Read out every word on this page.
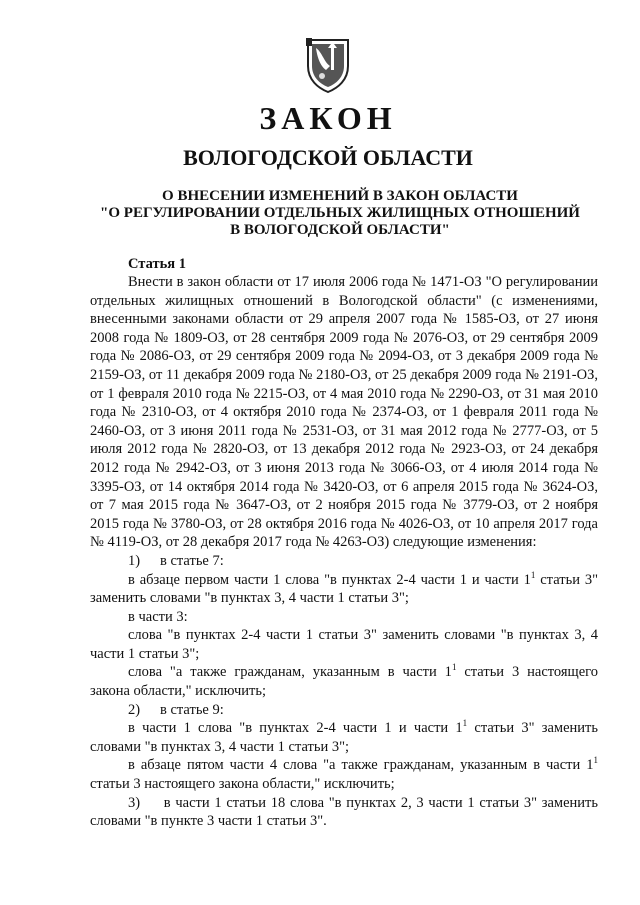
ЗАКОН
ВОЛОГОДСКОЙ ОБЛАСТИ
О ВНЕСЕНИИ ИЗМЕНЕНИЙ В ЗАКОН ОБЛАСТИ
"О РЕГУЛИРОВАНИИ ОТДЕЛЬНЫХ ЖИЛИЩНЫХ ОТНОШЕНИЙ
В ВОЛОГОДСКОЙ ОБЛАСТИ"
Статья 1

Внести в закон области от 17 июля 2006 года № 1471-ОЗ "О регулировании отдельных жилищных отношений в Вологодской области" (с изменениями, внесенными законами области от 29 апреля 2007 года № 1585-ОЗ, от 27 июня 2008 года № 1809-ОЗ, от 28 сентября 2009 года № 2076-ОЗ, от 29 сентября 2009 года № 2086-ОЗ, от 29 сентября 2009 года № 2094-ОЗ, от 3 декабря 2009 года № 2159-ОЗ, от 11 декабря 2009 года № 2180-ОЗ, от 25 декабря 2009 года № 2191-ОЗ, от 1 февраля 2010 года № 2215-ОЗ, от 4 мая 2010 года № 2290-ОЗ, от 31 мая 2010 года № 2310-ОЗ, от 4 октября 2010 года № 2374-ОЗ, от 1 февраля 2011 года № 2460-ОЗ, от 3 июня 2011 года № 2531-ОЗ, от 31 мая 2012 года № 2777-ОЗ, от 5 июля 2012 года № 2820-ОЗ, от 13 декабря 2012 года № 2923-ОЗ, от 24 декабря 2012 года № 2942-ОЗ, от 3 июня 2013 года № 3066-ОЗ, от 4 июля 2014 года № 3395-ОЗ, от 14 октября 2014 года № 3420-ОЗ, от 6 апреля 2015 года № 3624-ОЗ, от 7 мая 2015 года № 3647-ОЗ, от 2 ноября 2015 года № 3779-ОЗ, от 2 ноября 2015 года № 3780-ОЗ, от 28 октября 2016 года № 4026-ОЗ, от 10 апреля 2017 года № 4119-ОЗ, от 28 декабря 2017 года № 4263-ОЗ) следующие изменения:

1) в статье 7:

в абзаце первом части 1 слова "в пунктах 2-4 части 1 и части $1^1$ статьи 3" заменить словами "в пунктах 3, 4 части 1 статьи 3";

в части 3:

слова "в пунктах 2-4 части 1 статьи 3" заменить словами "в пунктах 3, 4 части 1 статьи 3";

слова "а также гражданам, указанным в части $1^1$ статьи 3 настоящего закона области," исключить;

2) в статье 9:

в части 1 слова "в пунктах 2-4 части 1 и части $1^1$ статьи 3" заменить словами "в пунктах 3, 4 части 1 статьи 3";

в абзаце пятом части 4 слова "а также гражданам, указанным в части $1^1$ статьи 3 настоящего закона области," исключить;

3) в части 1 статьи 18 слова "в пунктах 2, 3 части 1 статьи 3" заменить словами "в пункте 3 части 1 статьи 3".
